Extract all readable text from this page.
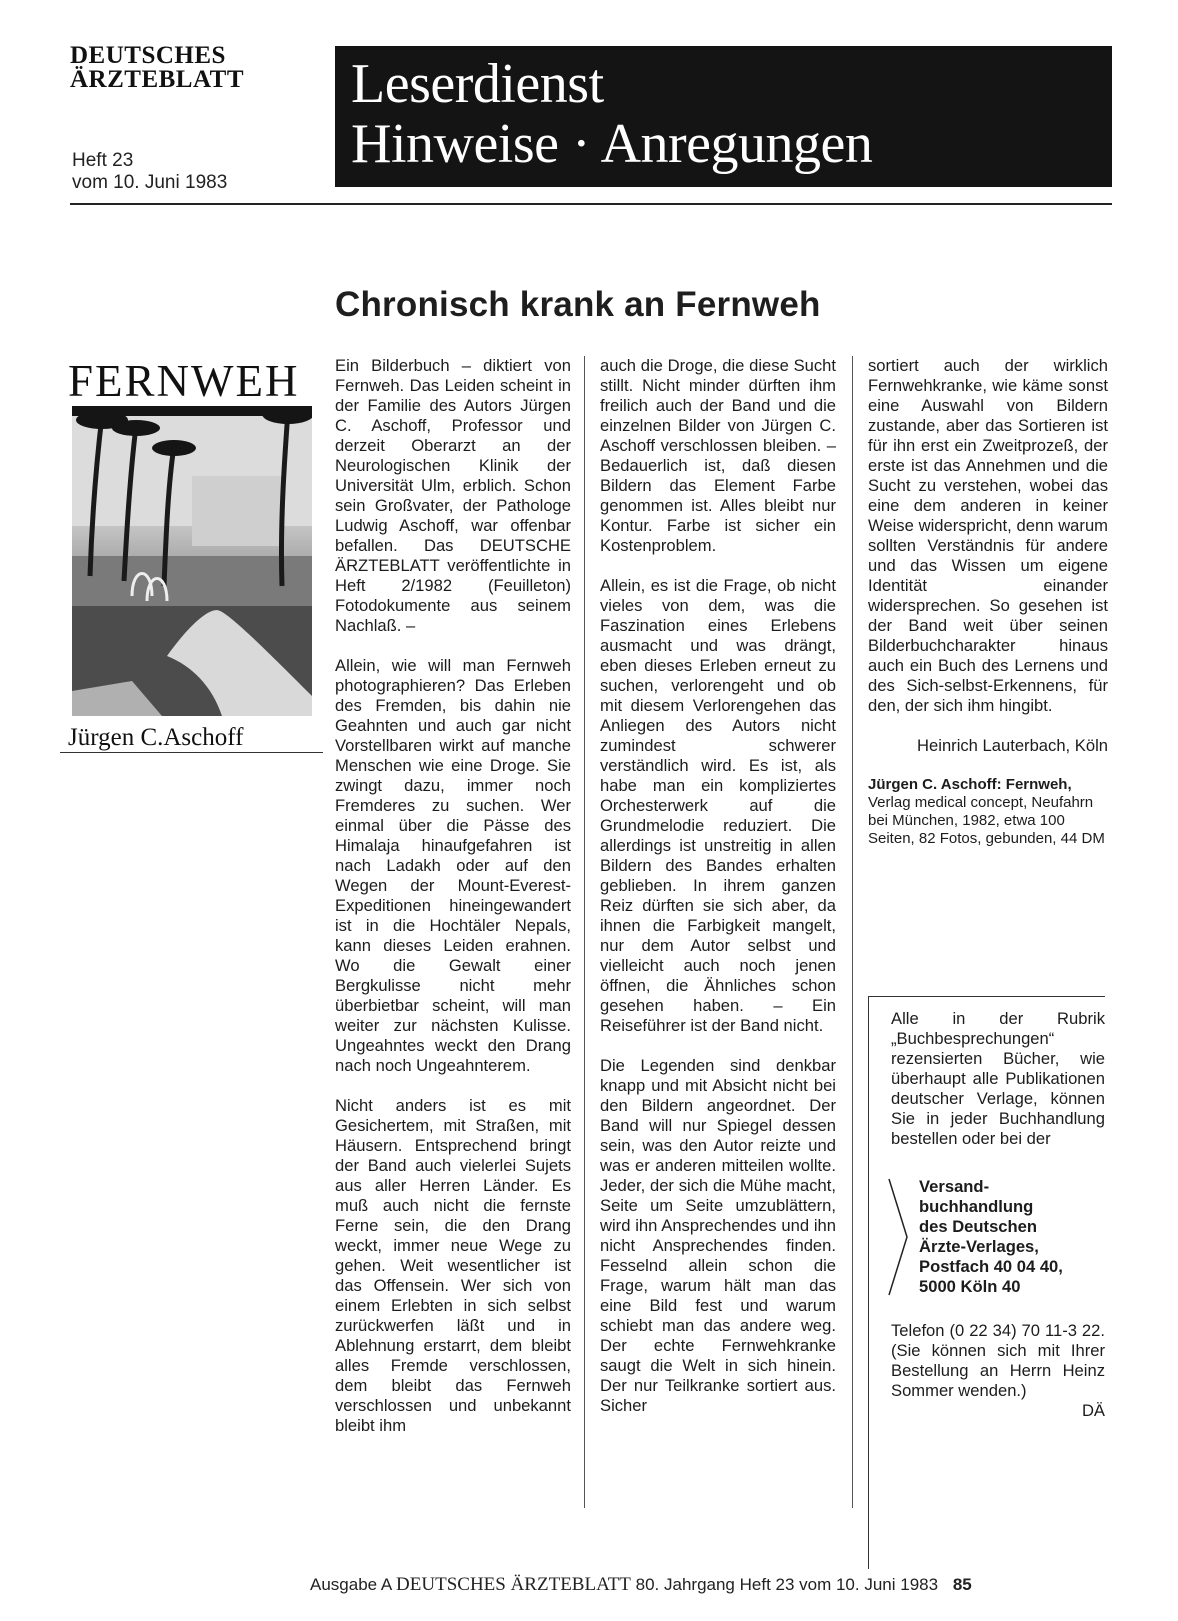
DEUTSCHES
ÄRZTEBLATT
Heft 23
vom 10. Juni 1983
Leserdienst
Hinweise · Anregungen
Chronisch krank an Fernweh
FERNWEH
Jürgen C.Aschoff

Ein Bilderbuch – diktiert von Fernweh. Das Leiden scheint in der Familie des Autors Jürgen C. Aschoff, Professor und derzeit Oberarzt an der Neurologischen Klinik der Universität Ulm, erblich. Schon sein Großvater, der Pathologe Ludwig Aschoff, war offenbar befallen. Das DEUTSCHE ÄRZTEBLATT veröffentlichte in Heft 2/1982 (Feuilleton) Fotodokumente aus seinem Nachlaß. –

Allein, wie will man Fernweh photographieren? Das Erleben des Fremden, bis dahin nie Geahnten und auch gar nicht Vorstellbaren wirkt auf manche Menschen wie eine Droge. Sie zwingt dazu, immer noch Fremderes zu suchen. Wer einmal über die Pässe des Himalaja hinaufgefahren ist nach Ladakh oder auf den Wegen der Mount-Everest-Expeditionen hineingewandert ist in die Hochtäler Nepals, kann dieses Leiden erahnen. Wo die Gewalt einer Bergkulisse nicht mehr überbietbar scheint, will man weiter zur nächsten Kulisse. Ungeahntes weckt den Drang nach noch Ungeahnterem.

Nicht anders ist es mit Gesichertem, mit Straßen, mit Häusern. Entsprechend bringt der Band auch vielerlei Sujets aus aller Herren Länder. Es muß auch nicht die fernste Ferne sein, die den Drang weckt, immer neue Wege zu gehen. Weit wesentlicher ist das Offensein. Wer sich von einem Erlebten in sich selbst zurückwerfen läßt und in Ablehnung erstarrt, dem bleibt alles Fremde verschlossen, dem bleibt das Fernweh verschlossen und unbekannt bleibt ihm

auch die Droge, die diese Sucht stillt. Nicht minder dürften ihm freilich auch der Band und die einzelnen Bilder von Jürgen C. Aschoff verschlossen bleiben. – Bedauerlich ist, daß diesen Bildern das Element Farbe genommen ist. Alles bleibt nur Kontur. Farbe ist sicher ein Kostenproblem.

Allein, es ist die Frage, ob nicht vieles von dem, was die Faszination eines Erlebens ausmacht und was drängt, eben dieses Erleben erneut zu suchen, verlorengeht und ob mit diesem Verlorengehen das Anliegen des Autors nicht zumindest schwerer verständlich wird. Es ist, als habe man ein kompliziertes Orchesterwerk auf die Grundmelodie reduziert. Die allerdings ist unstreitig in allen Bildern des Bandes erhalten geblieben. In ihrem ganzen Reiz dürften sie sich aber, da ihnen die Farbigkeit mangelt, nur dem Autor selbst und vielleicht auch noch jenen öffnen, die Ähnliches schon gesehen haben. – Ein Reiseführer ist der Band nicht.

Die Legenden sind denkbar knapp und mit Absicht nicht bei den Bildern angeordnet. Der Band will nur Spiegel dessen sein, was den Autor reizte und was er anderen mitteilen wollte. Jeder, der sich die Mühe macht, Seite um Seite umzublättern, wird ihn Ansprechendes und ihn nicht Ansprechendes finden. Fesselnd allein schon die Frage, warum hält man das eine Bild fest und warum schiebt man das andere weg. Der echte Fernwehkranke saugt die Welt in sich hinein. Der nur Teilkranke sortiert aus. Sicher

sortiert auch der wirklich Fernwehkranke, wie käme sonst eine Auswahl von Bildern zustande, aber das Sortieren ist für ihn erst ein Zweitprozeß, der erste ist das Annehmen und die Sucht zu verstehen, wobei das eine dem anderen in keiner Weise widerspricht, denn warum sollten Verständnis für andere und das Wissen um eigene Identität einander widersprechen. So gesehen ist der Band weit über seinen Bilderbuchcharakter hinaus auch ein Buch des Lernens und des Sich-selbst-Erkennens, für den, der sich ihm hingibt.

Heinrich Lauterbach, Köln

Jürgen C. Aschoff: Fernweh, Verlag medical concept, Neufahrn bei München, 1982, etwa 100 Seiten, 82 Fotos, gebunden, 44 DM

Alle in der Rubrik „Buchbesprechungen“ rezensierten Bücher, wie überhaupt alle Publikationen deutscher Verlage, können Sie in jeder Buchhandlung bestellen oder bei der

Versand-
buchhandlung
des Deutschen
Ärzte-Verlages,
Postfach 40 04 40,
5000 Köln 40

Telefon (0 22 34) 70 11-3 22. (Sie können sich mit Ihrer Bestellung an Herrn Heinz Sommer wenden.)

DÄ

Ausgabe A DEUTSCHES ÄRZTEBLATT 80. Jahrgang Heft 23 vom 10. Juni 1983 85
